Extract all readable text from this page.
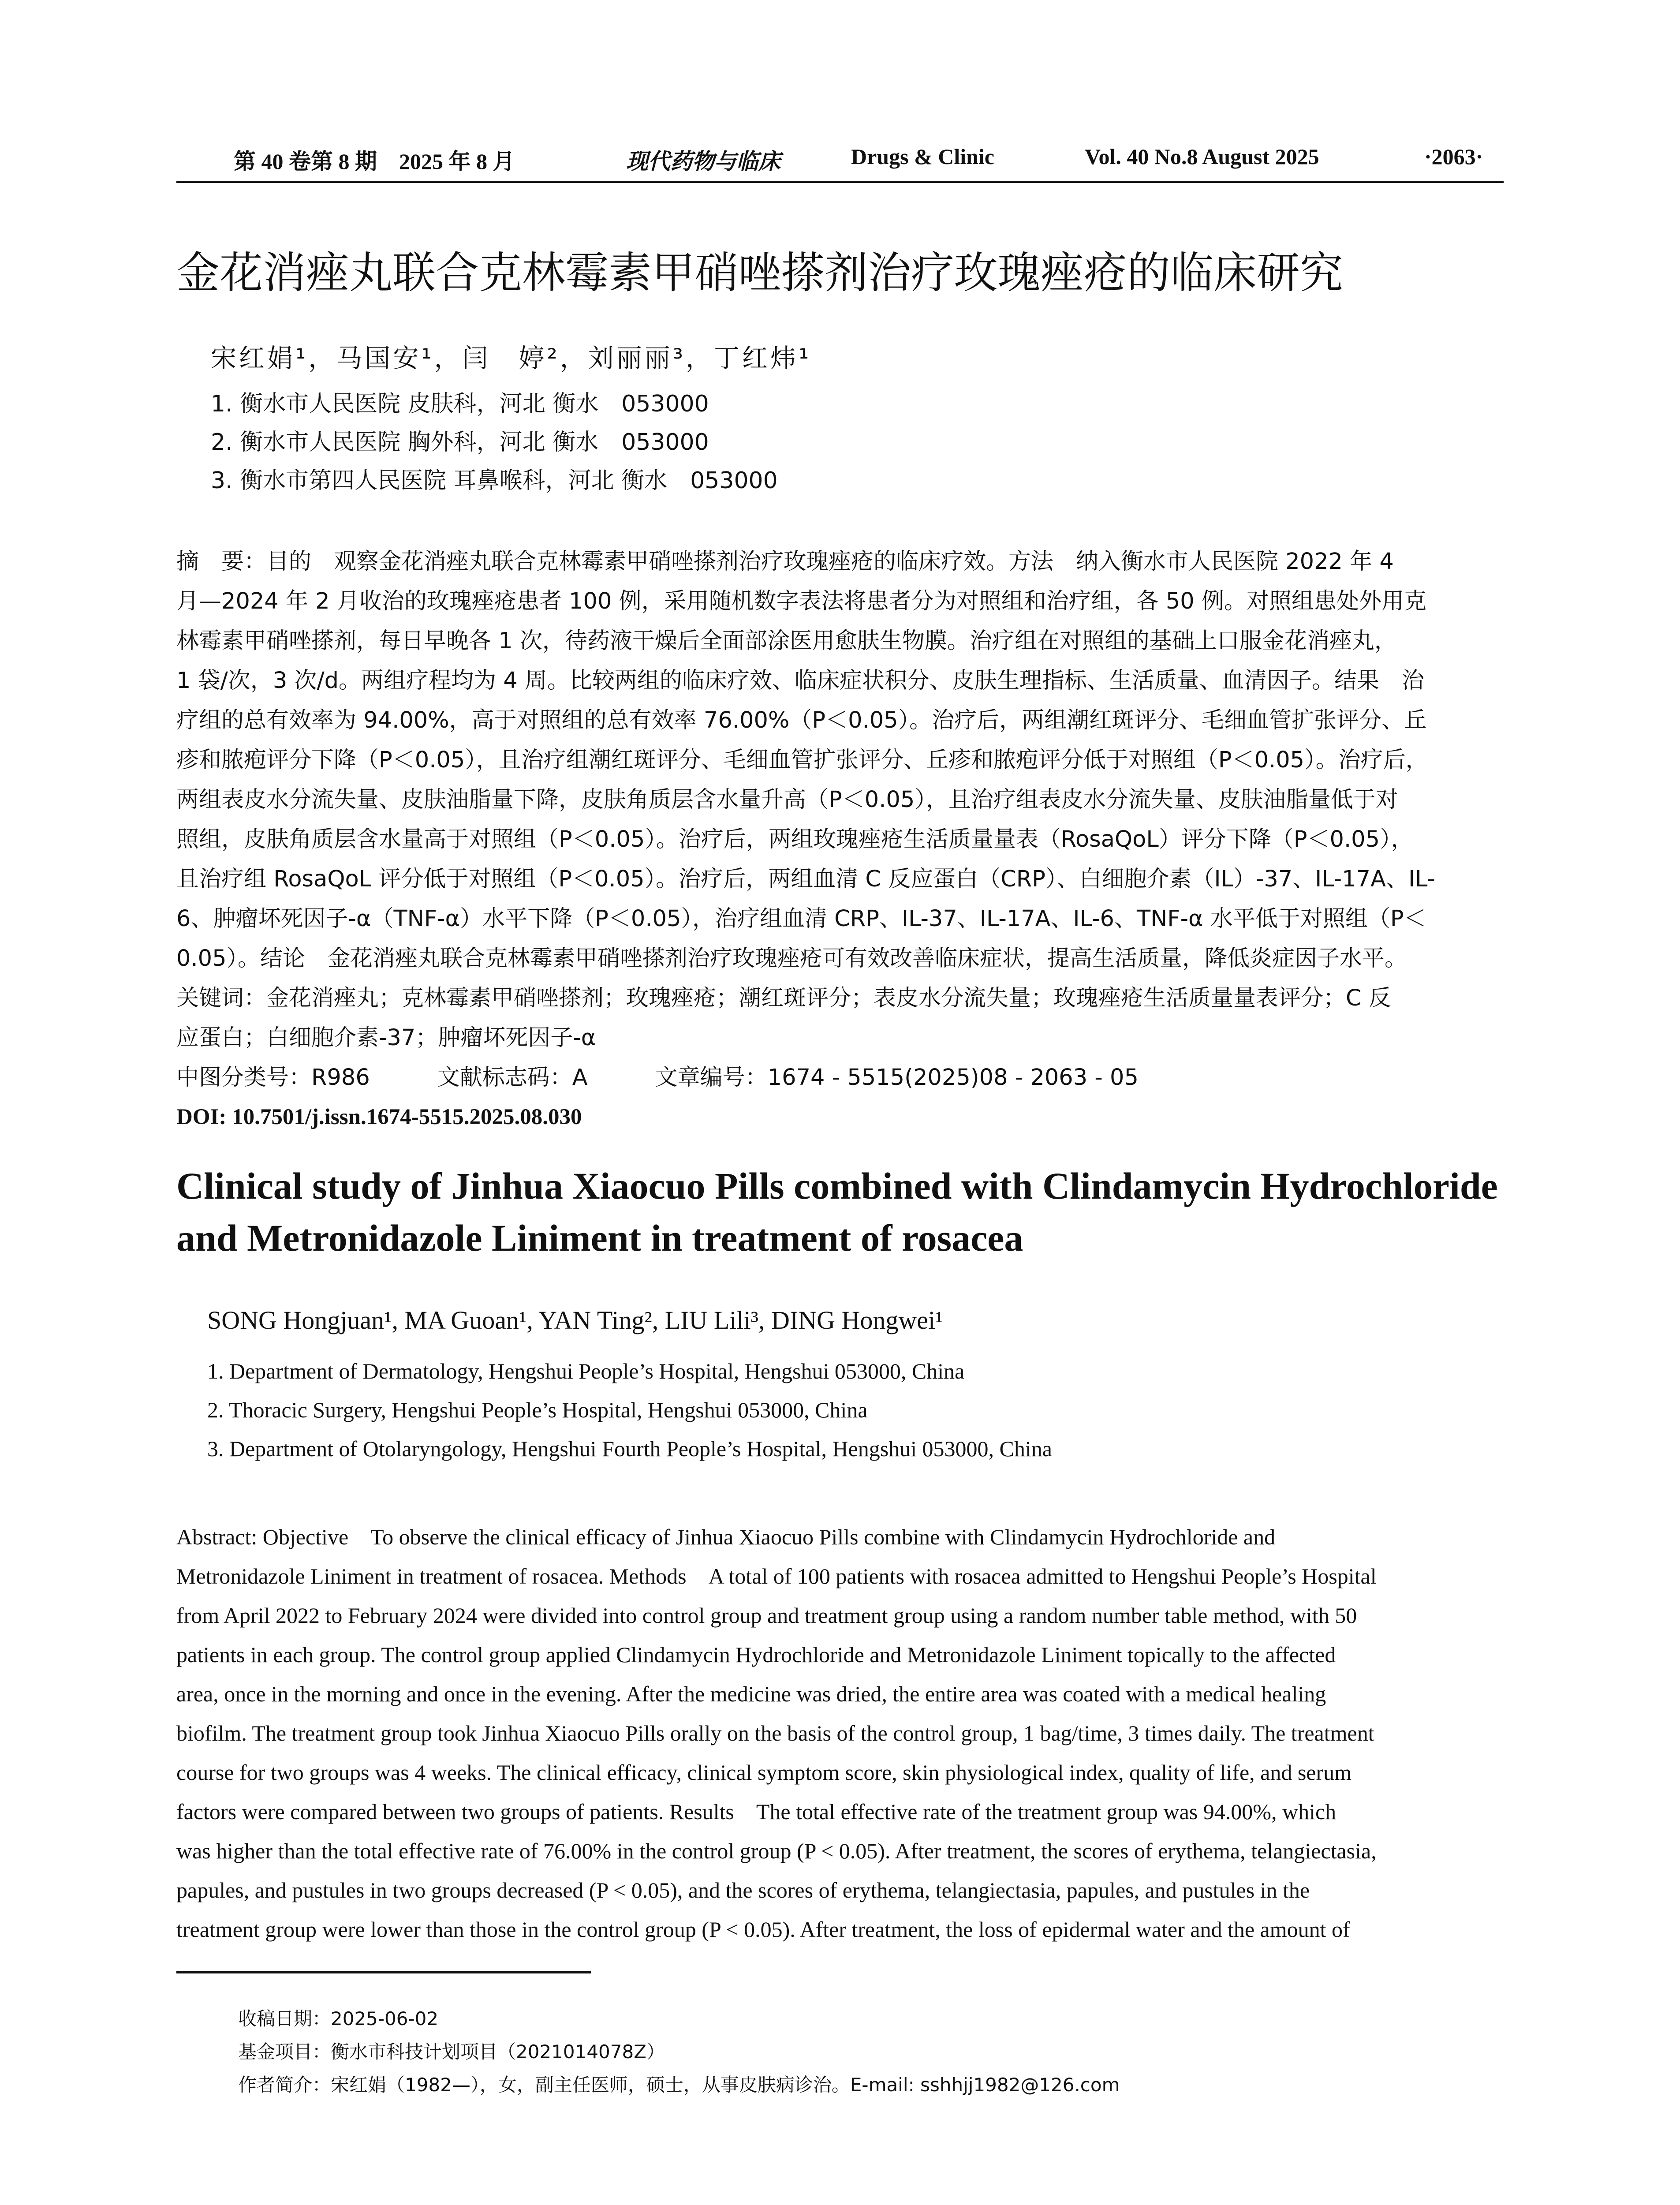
第 40 卷第 8 期　2025 年 8 月	现代药物与临床	Drugs & Clinic	Vol. 40 No.8 August 2025	·2063·
金花消痤丸联合克林霉素甲硝唑搽剂治疗玫瑰痤疮的临床研究
宋红娟¹，马国安¹，闫　婷²，刘丽丽³，丁红炜¹
1. 衡水市人民医院 皮肤科，河北 衡水　053000
2. 衡水市人民医院 胸外科，河北 衡水　053000
3. 衡水市第四人民医院 耳鼻喉科，河北 衡水　053000
摘　要：目的　观察金花消痤丸联合克林霉素甲硝唑搽剂治疗玫瑰痤疮的临床疗效。方法　纳入衡水市人民医院 2022 年 4
月—2024 年 2 月收治的玫瑰痤疮患者 100 例，采用随机数字表法将患者分为对照组和治疗组，各 50 例。对照组患处外用克
林霉素甲硝唑搽剂，每日早晚各 1 次，待药液干燥后全面部涂医用愈肤生物膜。治疗组在对照组的基础上口服金花消痤丸，
1 袋/次，3 次/d。两组疗程均为 4 周。比较两组的临床疗效、临床症状积分、皮肤生理指标、生活质量、血清因子。结果　治
疗组的总有效率为 94.00%，高于对照组的总有效率 76.00%（P＜0.05）。治疗后，两组潮红斑评分、毛细血管扩张评分、丘
疹和脓疱评分下降（P＜0.05），且治疗组潮红斑评分、毛细血管扩张评分、丘疹和脓疱评分低于对照组（P＜0.05）。治疗后，
两组表皮水分流失量、皮肤油脂量下降，皮肤角质层含水量升高（P＜0.05），且治疗组表皮水分流失量、皮肤油脂量低于对
照组，皮肤角质层含水量高于对照组（P＜0.05）。治疗后，两组玫瑰痤疮生活质量量表（RosaQoL）评分下降（P＜0.05），
且治疗组 RosaQoL 评分低于对照组（P＜0.05）。治疗后，两组血清 C 反应蛋白（CRP）、白细胞介素（IL）-37、IL-17A、IL-
6、肿瘤坏死因子-α（TNF-α）水平下降（P＜0.05），治疗组血清 CRP、IL-37、IL-17A、IL-6、TNF-α 水平低于对照组（P＜
0.05）。结论　金花消痤丸联合克林霉素甲硝唑搽剂治疗玫瑰痤疮可有效改善临床症状，提高生活质量，降低炎症因子水平。
关键词：金花消痤丸；克林霉素甲硝唑搽剂；玫瑰痤疮；潮红斑评分；表皮水分流失量；玫瑰痤疮生活质量量表评分；C 反
应蛋白；白细胞介素-37；肿瘤坏死因子-α
中图分类号：R986　　　文献标志码：A　　　文章编号：1674 - 5515(2025)08 - 2063 - 05
DOI: 10.7501/j.issn.1674-5515.2025.08.030
Clinical study of Jinhua Xiaocuo Pills combined with Clindamycin Hydrochloride
and Metronidazole Liniment in treatment of rosacea
SONG Hongjuan¹, MA Guoan¹, YAN Ting², LIU Lili³, DING Hongwei¹
1. Department of Dermatology, Hengshui People’s Hospital, Hengshui 053000, China
2. Thoracic Surgery, Hengshui People’s Hospital, Hengshui 053000, China
3. Department of Otolaryngology, Hengshui Fourth People’s Hospital, Hengshui 053000, China
Abstract: Objective　To observe the clinical efficacy of Jinhua Xiaocuo Pills combine with Clindamycin Hydrochloride and
Metronidazole Liniment in treatment of rosacea. Methods　A total of 100 patients with rosacea admitted to Hengshui People’s Hospital
from April 2022 to February 2024 were divided into control group and treatment group using a random number table method, with 50
patients in each group. The control group applied Clindamycin Hydrochloride and Metronidazole Liniment topically to the affected
area, once in the morning and once in the evening. After the medicine was dried, the entire area was coated with a medical healing
biofilm. The treatment group took Jinhua Xiaocuo Pills orally on the basis of the control group, 1 bag/time, 3 times daily. The treatment
course for two groups was 4 weeks. The clinical efficacy, clinical symptom score, skin physiological index, quality of life, and serum
factors were compared between two groups of patients. Results　The total effective rate of the treatment group was 94.00%, which
was higher than the total effective rate of 76.00% in the control group (P < 0.05). After treatment, the scores of erythema, telangiectasia,
papules, and pustules in two groups decreased (P < 0.05), and the scores of erythema, telangiectasia, papules, and pustules in the
treatment group were lower than those in the control group (P < 0.05). After treatment, the loss of epidermal water and the amount of
收稿日期：2025-06-02
基金项目：衡水市科技计划项目（2021014078Z）
作者简介：宋红娟（1982—），女，副主任医师，硕士，从事皮肤病诊治。E-mail: sshhjj1982@126.com
